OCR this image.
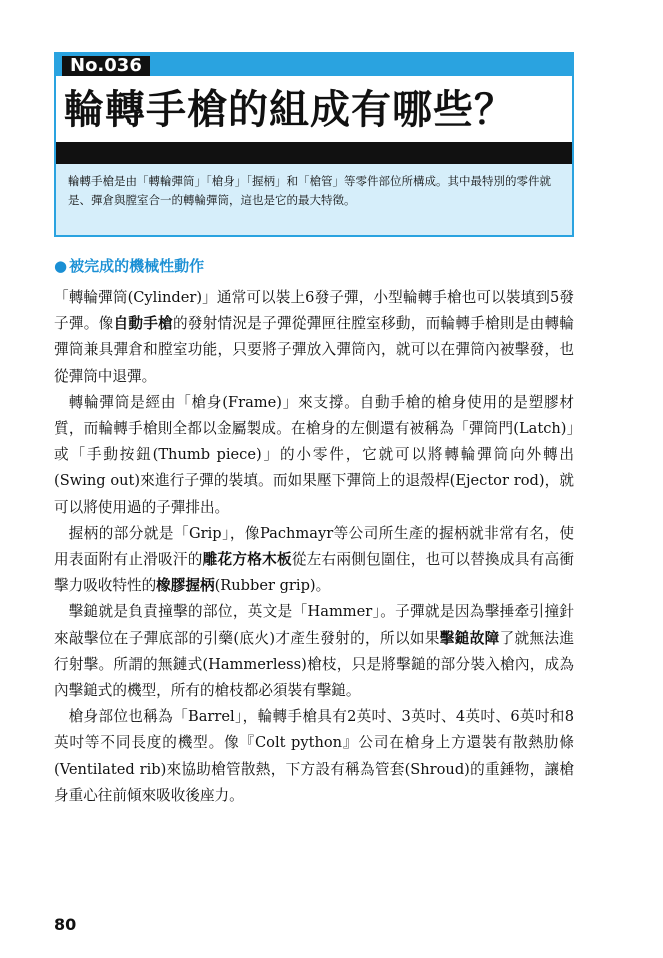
No.036
輪轉手槍的組成有哪些？
輪轉手槍是由「轉輪彈筒」「槍身」「握柄」和「槍管」等零件部位所構成。其中最特別的零件就是、彈倉與膛室合一的轉輪彈筒，這也是它的最大特徵。
● 被完成的機械性動作

「轉輪彈筒(Cylinder)」通常可以裝上6發子彈，小型輪轉手槍也可以裝填到5發子彈。像自動手槍的發射情況是子彈從彈匣往膛室移動，而輪轉手槍則是由轉輪彈筒兼具彈倉和膛室功能，只要將子彈放入彈筒內，就可以在彈筒內被擊發，也從彈筒中退彈。

轉輪彈筒是經由「槍身(Frame)」來支撐。自動手槍的槍身使用的是塑膠材質，而輪轉手槍則全都以金屬製成。在槍身的左側還有被稱為「彈筒門(Latch)」或「手動按鈕(Thumb piece)」的小零件，它就可以將轉輪彈筒向外轉出(Swing out)來進行子彈的裝填。而如果壓下彈筒上的退殼桿(Ejector rod)，就可以將使用過的子彈排出。

握柄的部分就是「Grip」，像Pachmayr等公司所生產的握柄就非常有名，使用表面附有止滑吸汗的雕花方格木板從左右兩側包圍住，也可以替換成具有高衝擊力吸收特性的橡膠握柄(Rubber grip)。

擊鎚就是負責撞擊的部位，英文是「Hammer」。子彈就是因為擊捶牽引撞針來敲擊位在子彈底部的引藥(底火)才產生發射的，所以如果擊鎚故障了就無法進行射擊。所謂的無鏈式(Hammerless)槍枝，只是將擊鎚的部分裝入槍內，成為內擊鎚式的機型，所有的槍枝都必須裝有擊鎚。

槍身部位也稱為「Barrel」，輪轉手槍具有2英吋、3英吋、4英吋、6英吋和8英吋等不同長度的機型。像『Colt python』公司在槍身上方還裝有散熱肋條(Ventilated rib)來協助槍管散熱，下方設有稱為管套(Shroud)的重錘物，讓槍身重心往前傾來吸收後座力。

80
